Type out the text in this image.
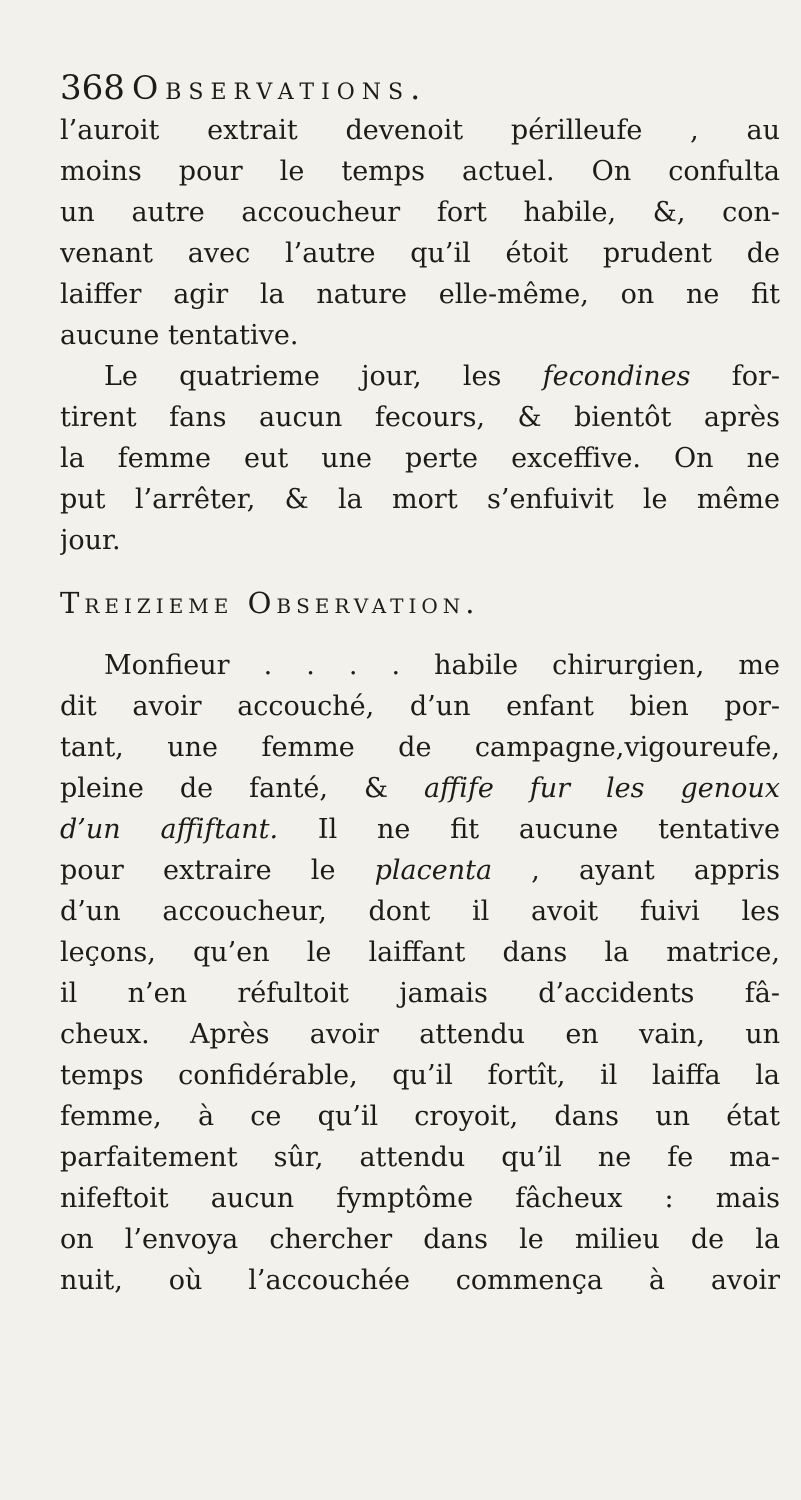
368 Observations.
l’auroit extrait devenoit périlleufe , au
moins pour le temps actuel. On confulta
un autre accoucheur fort habile, &, con-
venant avec l’autre qu’il étoit prudent de
laiffer agir la nature elle-même, on ne fit
aucune tentative.
Le quatrieme jour, les fecondines for-
tirent fans aucun fecours, & bientôt après
la femme eut une perte exceffive. On ne
put l’arrêter, & la mort s’enfuivit le même
jour.
Treizieme Observation.
Monfieur . . . . habile chirurgien, me
dit avoir accouché, d’un enfant bien por-
tant, une femme de campagne,vigoureufe,
pleine de fanté, & affife fur les genoux
d’un affiftant. Il ne fit aucune tentative
pour extraire le placenta , ayant appris
d’un accoucheur, dont il avoit fuivi les
leçons, qu’en le laiffant dans la matrice,
il n’en réfultoit jamais d’accidents fâ-
cheux. Après avoir attendu en vain, un
temps confidérable, qu’il fortît, il laiffa la
femme, à ce qu’il croyoit, dans un état
parfaitement sûr, attendu qu’il ne fe ma-
nifeftoit aucun fymptôme fâcheux : mais
on l’envoya chercher dans le milieu de la
nuit, où l’accouchée commença à avoir
